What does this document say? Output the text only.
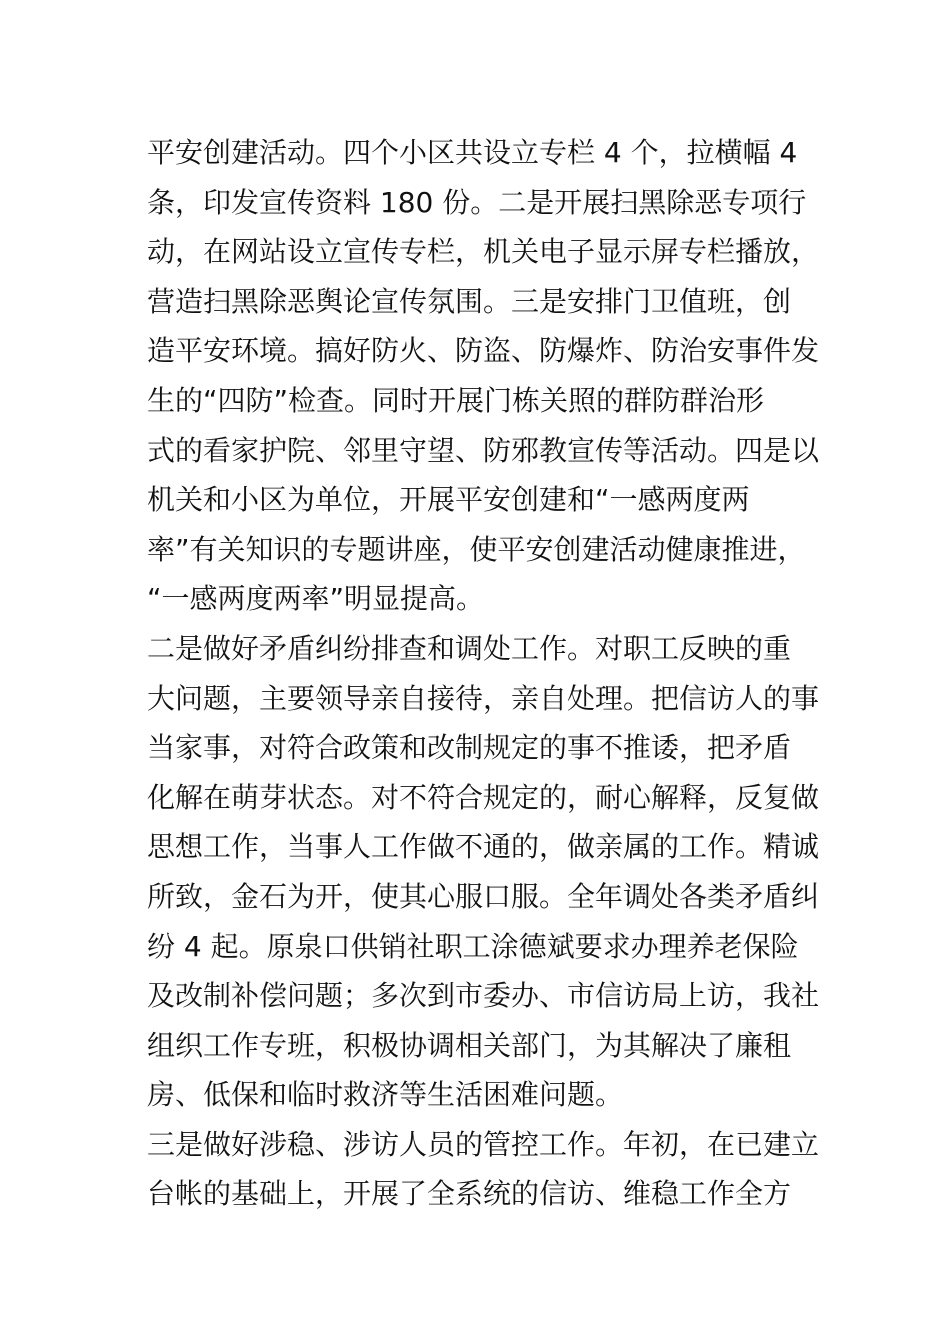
平安创建活动。四个小区共设立专栏 4 个，拉横幅 4
条，印发宣传资料 180 份。二是开展扫黑除恶专项行
动，在网站设立宣传专栏，机关电子显示屏专栏播放，
营造扫黑除恶舆论宣传氛围。三是安排门卫值班，创
造平安环境。搞好防火、防盗、防爆炸、防治安事件发
生的“四防”检查。同时开展门栋关照的群防群治形
式的看家护院、邻里守望、防邪教宣传等活动。四是以
机关和小区为单位，开展平安创建和“一感两度两
率”有关知识的专题讲座，使平安创建活动健康推进，
“一感两度两率”明显提高。
二是做好矛盾纠纷排查和调处工作。对职工反映的重
大问题，主要领导亲自接待，亲自处理。把信访人的事
当家事，对符合政策和改制规定的事不推诿，把矛盾
化解在萌芽状态。对不符合规定的，耐心解释，反复做
思想工作，当事人工作做不通的，做亲属的工作。精诚
所致，金石为开，使其心服口服。全年调处各类矛盾纠
纷 4 起。原泉口供销社职工涂德斌要求办理养老保险
及改制补偿问题；多次到市委办、市信访局上访，我社
组织工作专班，积极协调相关部门，为其解决了廉租
房、低保和临时救济等生活困难问题。
三是做好涉稳、涉访人员的管控工作。年初，在已建立
台帐的基础上，开展了全系统的信访、维稳工作全方
